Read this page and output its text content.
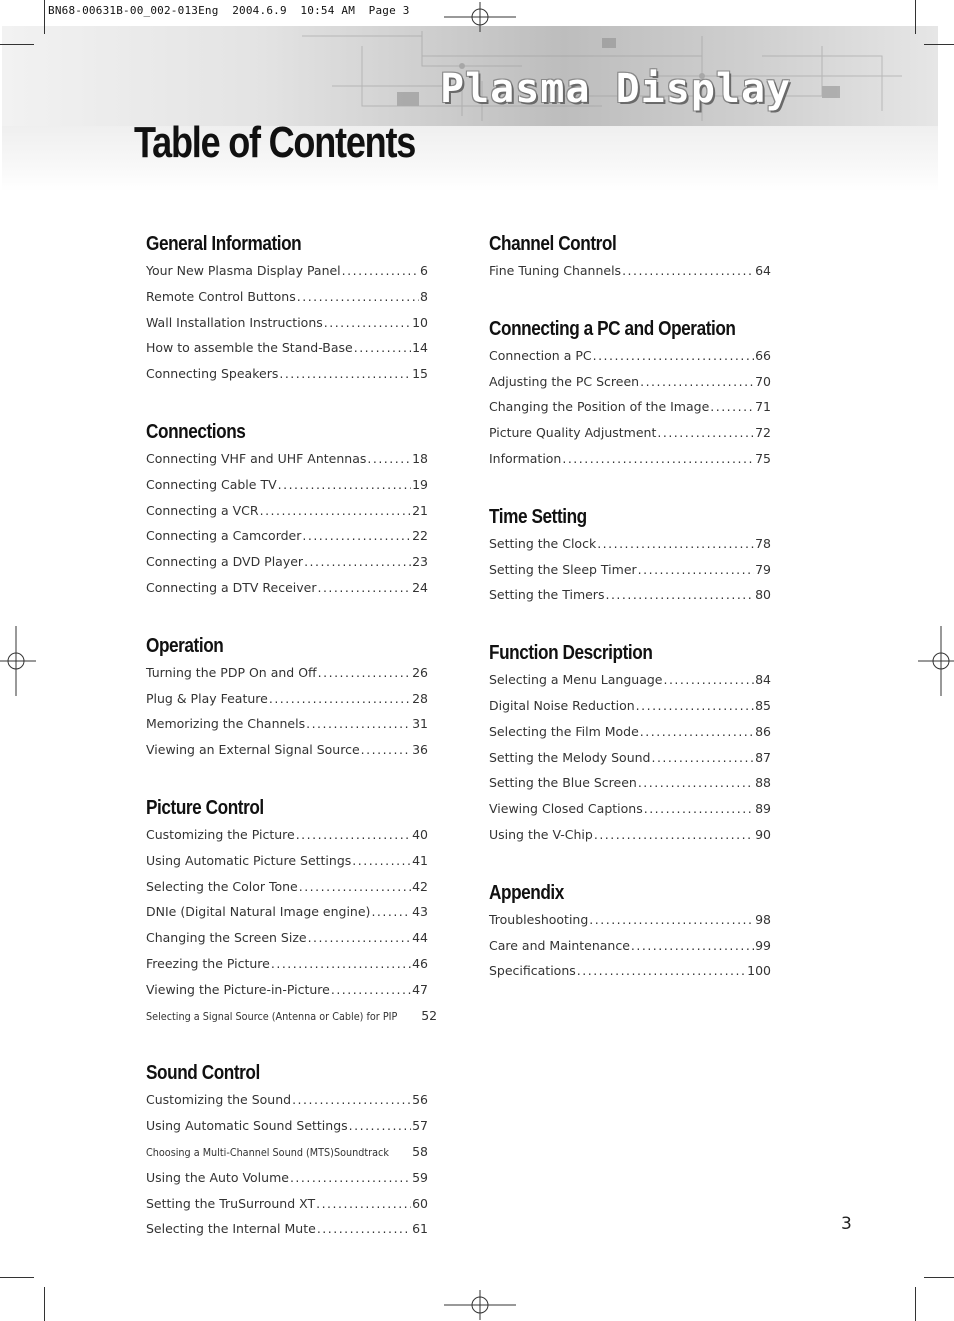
BN68-00631B-00_002-013Eng  2004.6.9  10:54 AM  Page 3
Plasma Display
Table of Contents
General Information
Your New Plasma Display Panel .....	6
Remote Control Buttons .....	8
Wall Installation Instructions .....	10
How to assemble the Stand-Base .....	14
Connecting Speakers .....	15
Connections
Connecting VHF and UHF Antennas .....	18
Connecting Cable TV .....	19
Connecting a VCR .....	21
Connecting a Camcorder .....	22
Connecting a DVD Player .....	23
Connecting a DTV Receiver .....	24
Operation
Turning the PDP On and Off .....	26
Plug & Play Feature .....	28
Memorizing the Channels .....	31
Viewing an External Signal Source .....	36
Picture Control
Customizing the Picture .....	40
Using Automatic Picture Settings .....	41
Selecting the Color Tone .....	42
DNIe (Digital Natural Image engine) .....	43
Changing the Screen Size .....	44
Freezing the Picture .....	46
Viewing the Picture-in-Picture .....	47
Selecting a Signal Source (Antenna or Cable) for PIP 52
Sound Control
Customizing the Sound .....	56
Using Automatic Sound Settings .....	57
Choosing a Multi-Channel Sound (MTS)Soundtrack ..... 58
Using the Auto Volume .....	59
Setting the TruSurround XT .....	60
Selecting the Internal Mute .....	61
Channel Control
Fine Tuning Channels .....	64
Connecting a PC and Operation
Connection a PC .....	66
Adjusting the PC Screen .....	70
Changing the Position of the Image .....	71
Picture Quality Adjustment .....	72
Information .....	75
Time Setting
Setting the Clock .....	78
Setting the Sleep Timer .....	79
Setting the Timers .....	80
Function Description
Selecting a Menu Language .....	84
Digital Noise Reduction .....	85
Selecting the Film Mode .....	86
Setting the Melody Sound .....	87
Setting the Blue Screen .....	88
Viewing Closed Captions .....	89
Using the V-Chip .....	90
Appendix
Troubleshooting .....	98
Care and Maintenance .....	99
Specifications .....	100
3
